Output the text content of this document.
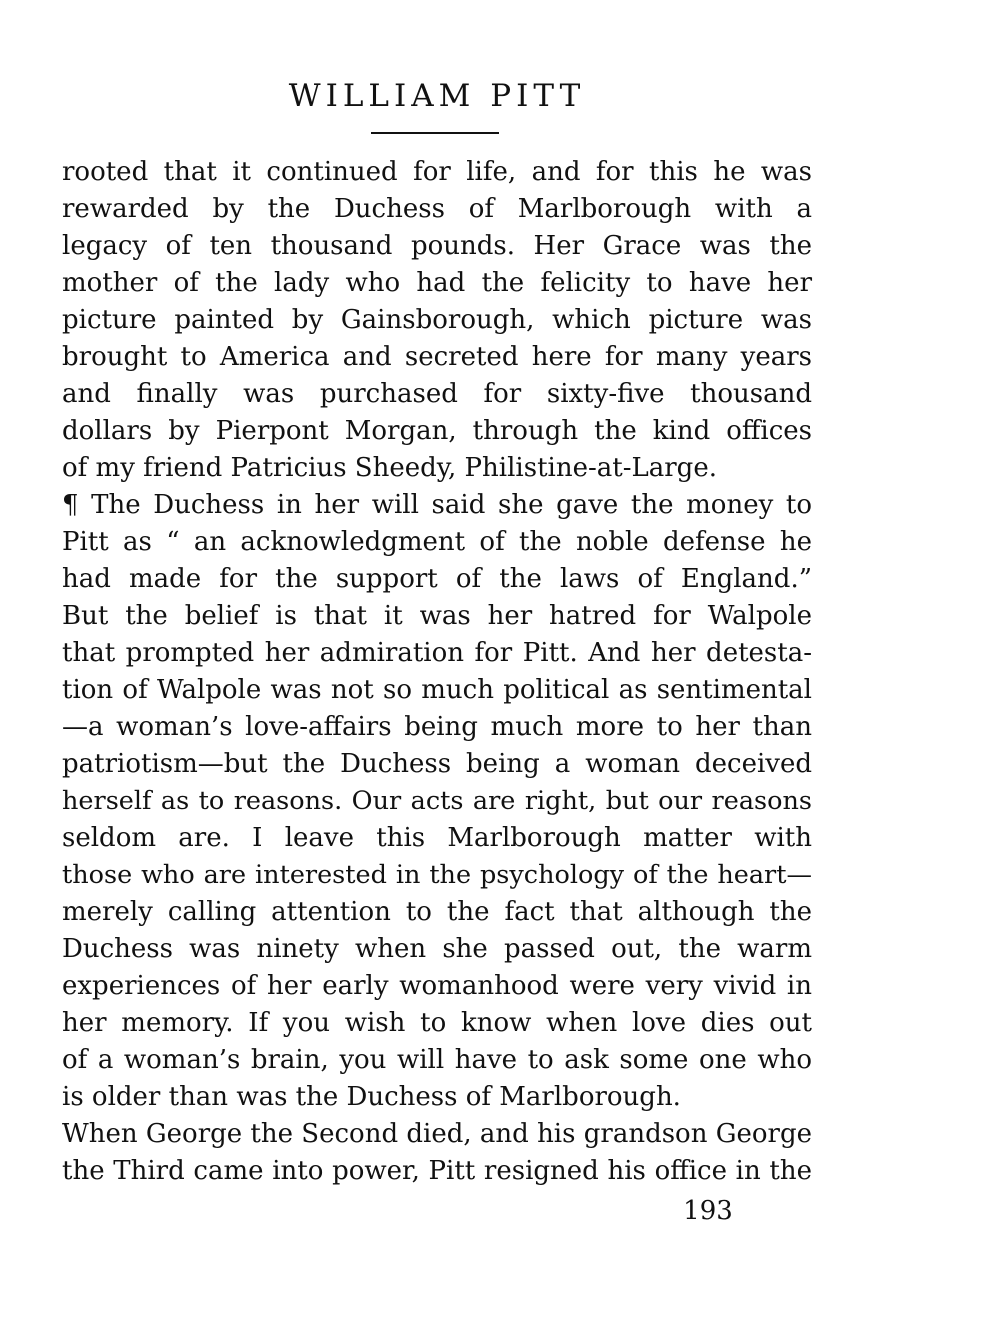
WILLIAM PITT
rooted that it continued for life, and for this he was
rewarded by the Duchess of Marlborough with a
legacy of ten thousand pounds. Her Grace was the
mother of the lady who had the felicity to have her
picture painted by Gainsborough, which picture was
brought to America and secreted here for many years
and finally was purchased for sixty-five thousand
dollars by Pierpont Morgan, through the kind offices
of my friend Patricius Sheedy, Philistine-at-Large.
¶ The Duchess in her will said she gave the money to
Pitt as “ an acknowledgment of the noble defense he
had made for the support of the laws of England.”
But the belief is that it was her hatred for Walpole
that prompted her admiration for Pitt. And her detesta-
tion of Walpole was not so much political as sentimental
—a woman’s love-affairs being much more to her than
patriotism—but the Duchess being a woman deceived
herself as to reasons. Our acts are right, but our reasons
seldom are. I leave this Marlborough matter with
those who are interested in the psychology of the heart—
merely calling attention to the fact that although the
Duchess was ninety when she passed out, the warm
experiences of her early womanhood were very vivid in
her memory. If you wish to know when love dies out
of a woman’s brain, you will have to ask some one who
is older than was the Duchess of Marlborough.
When George the Second died, and his grandson George
the Third came into power, Pitt resigned his office in the
193
